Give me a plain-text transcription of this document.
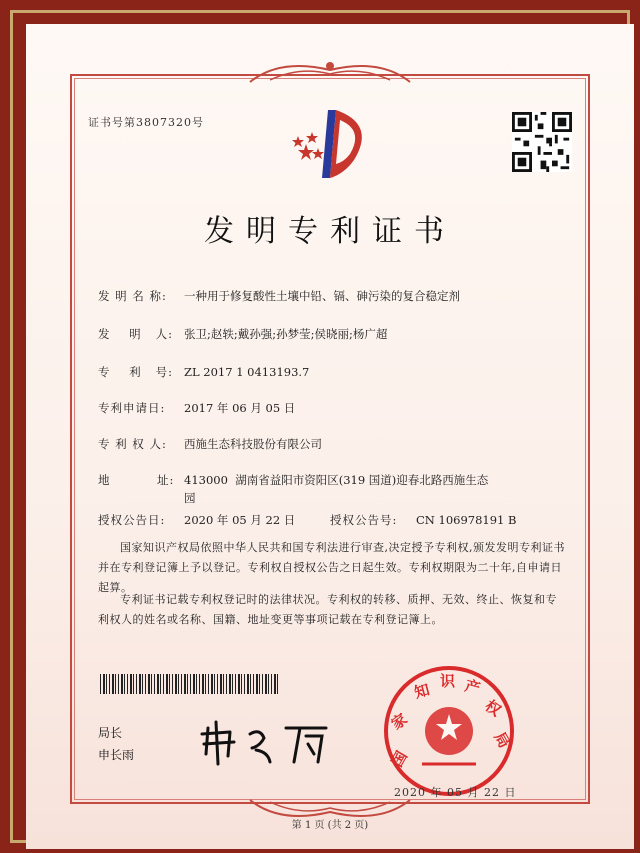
证书号第3807320号
发明专利证书
发 明 名 称: 一种用于修复酸性土壤中铅、镉、砷污染的复合稳定剂
发    明   人: 张卫;赵轶;戴孙强;孙梦莹;侯晓丽;杨广超
专    利   号: ZL 2017 1 0413193.7
专利申请日: 2017 年 06 月 05 日
专 利 权 人: 西施生态科技股份有限公司
地          址: 413000  湖南省益阳市资阳区(319 国道)迎春北路西施生态
园
授权公告日: 2020 年 05 月 22 日	授权公告号: CN 106978191 B
国家知识产权局依照中华人民共和国专利法进行审查,决定授予专利权,颁发发明专利证书并在专利登记簿上予以登记。专利权自授权公告之日起生效。专利权期限为二十年,自申请日起算。
专利证书记载专利权登记时的法律状况。专利权的转移、质押、无效、终止、恢复和专利权人的姓名或名称、国籍、地址变更等事项记载在专利登记簿上。
局长
申长雨	国
家
知 识 产
权
局
2020 年 05 月 22 日
第 1 页 (共 2 页)
